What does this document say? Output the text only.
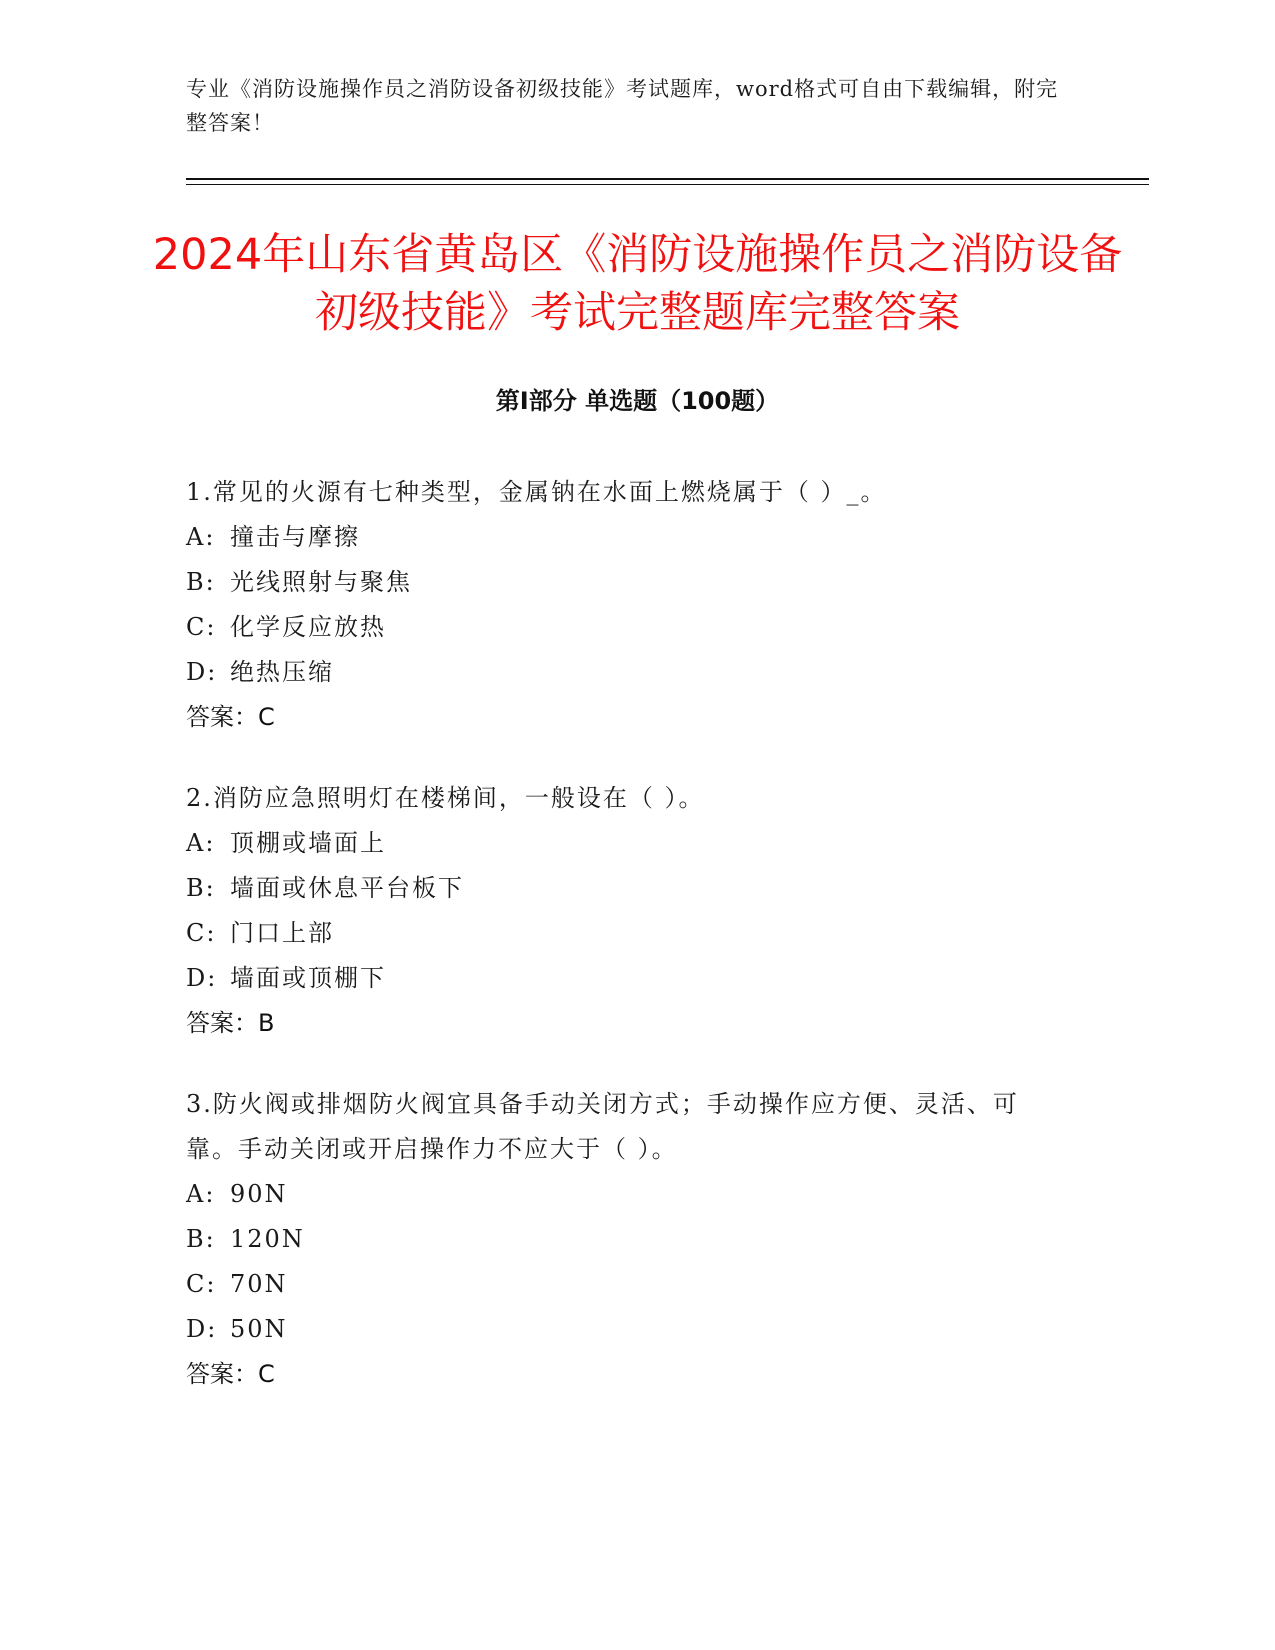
专业《消防设施操作员之消防设备初级技能》考试题库，word格式可自由下载编辑，附完整答案！
2024年山东省黄岛区《消防设施操作员之消防设备初级技能》考试完整题库完整答案
第Ⅰ部分 单选题（100题）

1.常见的火源有七种类型，金属钠在水面上燃烧属于（ ）_。

A: 撞击与摩擦

B: 光线照射与聚焦

C: 化学反应放热

D: 绝热压缩

答案：C

2.消防应急照明灯在楼梯间，一般设在（ ）。

A: 顶棚或墙面上

B: 墙面或休息平台板下

C: 门口上部

D: 墙面或顶棚下

答案：B

3.防火阀或排烟防火阀宜具备手动关闭方式；手动操作应方便、灵活、可靠。手动关闭或开启操作力不应大于（ ）。

A: 90N

B: 120N

C: 70N

D: 50N

答案：C
